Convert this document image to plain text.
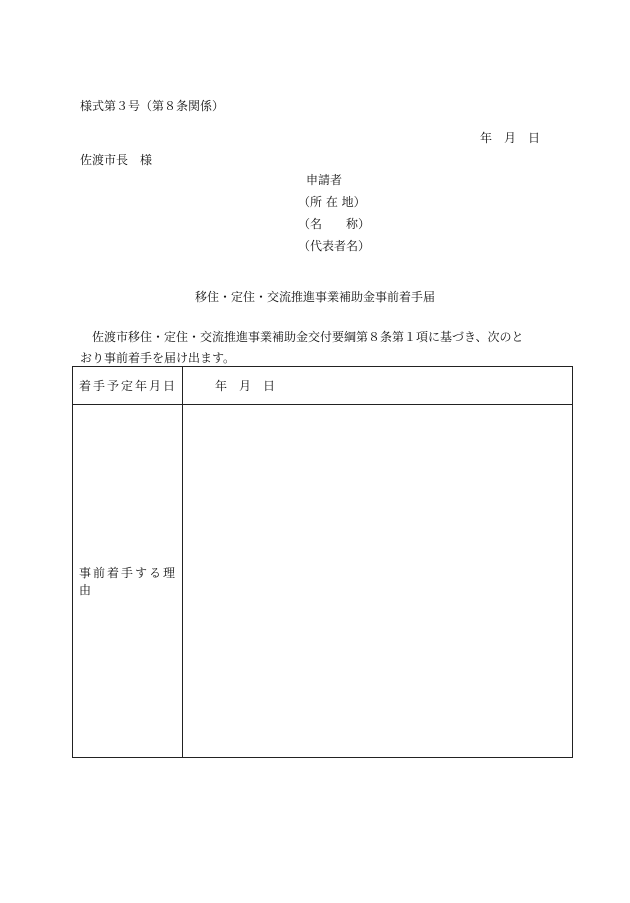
様式第３号（第８条関係）
年　月　日
佐渡市長　様
申請者
（所 在 地）
（名　　称）
（代表者名）
移住・定住・交流推進事業補助金事前着手届
佐渡市移住・定住・交流推進事業補助金交付要綱第８条第１項に基づき、次のとおり事前着手を届け出ます。
着手予定年月日	年　月　日
事前着手する理由	
